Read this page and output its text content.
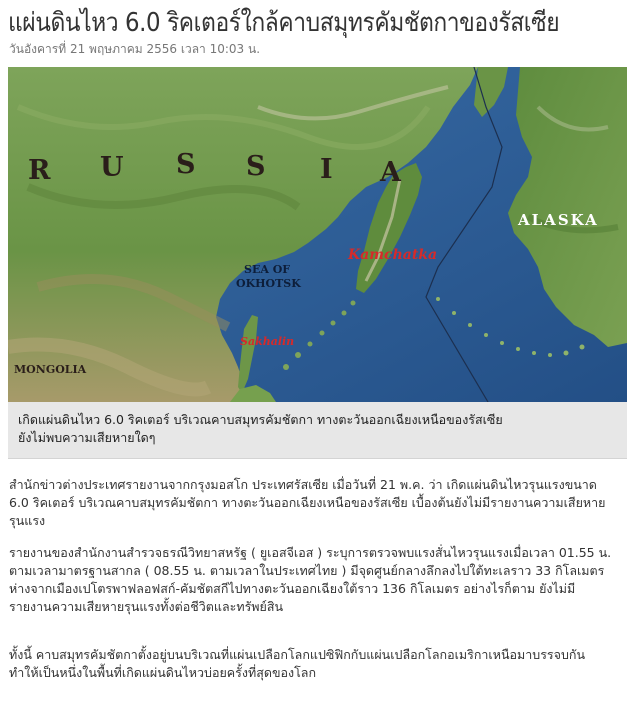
แผ่นดินไหว 6.0 ริคเตอร์ใกล้คาบสมุทรคัมชัตกาของรัสเซีย
วันอังคารที่ 21 พฤษภาคม 2556 เวลา 10:03 น.
R U S S I A
ALASKA
SEA OF
OKHOTSK
Kamchatka
Sakhalin
MONGOLIA

เกิดแผ่นดินไหว 6.0 ริคเตอร์ บริเวณคาบสมุทรคัมชัตกา ทางตะวันออกเฉียงเหนือของรัสเซีย

ยังไม่พบความเสียหายใดๆ

สำนักข่าวต่างประเทศรายงานจากกรุงมอสโก ประเทศรัสเซีย เมื่อวันที่ 21 พ.ค. ว่า เกิดแผ่นดินไหวรุนแรงขนาด 6.0 ริคเตอร์ บริเวณคาบสมุทรคัมชัตกา ทางตะวันออกเฉียงเหนือของรัสเซีย เบื้องต้นยังไม่มีรายงานความเสียหายรุนแรง

รายงานของสำนักงานสำรวจธรณีวิทยาสหรัฐ ( ยูเอสจีเอส ) ระบุการตรวจพบแรงสั่นไหวรุนแรงเมื่อเวลา 01.55 น. ตามเวลามาตรฐานสากล ( 08.55 น. ตามเวลาในประเทศไทย ) มีจุดศูนย์กลางลึกลงไปใต้ทะเลราว 33 กิโลเมตร ห่างจากเมืองเปโตรพาฟลอฟสก์-คัมชัตสกีไปทางตะวันออกเฉียงใต้ราว 136 กิโลเมตร อย่างไรก็ตาม ยังไม่มีรายงานความเสียหายรุนแรงทั้งต่อชีวิตและทรัพย์สิน

ทั้งนี้ คาบสมุทรคัมชัตกาตั้งอยู่บนบริเวณที่แผ่นเปลือกโลกแปซิฟิกกับแผ่นเปลือกโลกอเมริกาเหนือมาบรรจบกัน ทำให้เป็นหนึ่งในพื้นที่เกิดแผ่นดินไหวบ่อยครั้งที่สุดของโลก
